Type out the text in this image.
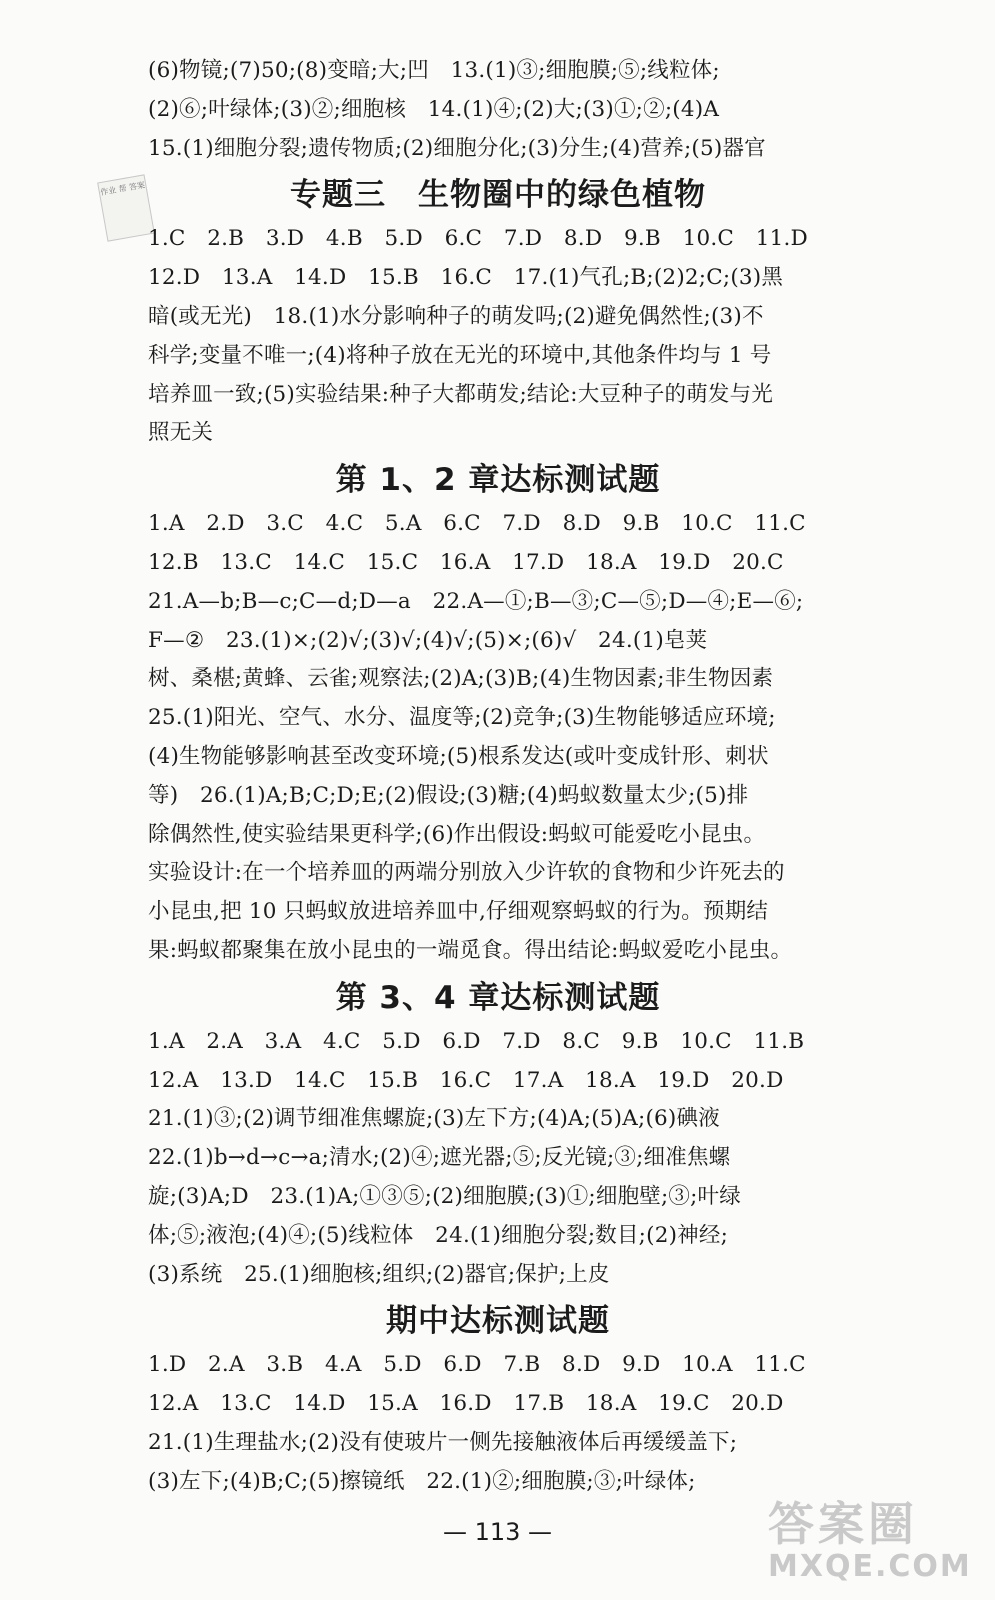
作业 帮 答案
(6)物镜;(7)50;(8)变暗;大;凹　13.(1)③;细胞膜;⑤;线粒体;
(2)⑥;叶绿体;(3)②;细胞核　14.(1)④;(2)大;(3)①;②;(4)A
15.(1)细胞分裂;遗传物质;(2)细胞分化;(3)分生;(4)营养;(5)器官
专题三　生物圈中的绿色植物
1.C　2.B　3.D　4.B　5.D　6.C　7.D　8.D　9.B　10.C　11.D
12.D　13.A　14.D　15.B　16.C　17.(1)气孔;B;(2)2;C;(3)黑
暗(或无光)　18.(1)水分影响种子的萌发吗;(2)避免偶然性;(3)不
科学;变量不唯一;(4)将种子放在无光的环境中,其他条件均与 1 号
培养皿一致;(5)实验结果:种子大都萌发;结论:大豆种子的萌发与光
照无关
第 1、2 章达标测试题
1.A　2.D　3.C　4.C　5.A　6.C　7.D　8.D　9.B　10.C　11.C
12.B　13.C　14.C　15.C　16.A　17.D　18.A　19.D　20.C
21.A—b;B—c;C—d;D—a　22.A—①;B—③;C—⑤;D—④;E—⑥;
F—②　23.(1)×;(2)√;(3)√;(4)√;(5)×;(6)√　24.(1)皂荚
树、桑椹;黄蜂、云雀;观察法;(2)A;(3)B;(4)生物因素;非生物因素
25.(1)阳光、空气、水分、温度等;(2)竞争;(3)生物能够适应环境;
(4)生物能够影响甚至改变环境;(5)根系发达(或叶变成针形、刺状
等)　26.(1)A;B;C;D;E;(2)假设;(3)糖;(4)蚂蚁数量太少;(5)排
除偶然性,使实验结果更科学;(6)作出假设:蚂蚁可能爱吃小昆虫。
实验设计:在一个培养皿的两端分别放入少许软的食物和少许死去的
小昆虫,把 10 只蚂蚁放进培养皿中,仔细观察蚂蚁的行为。预期结
果:蚂蚁都聚集在放小昆虫的一端觅食。得出结论:蚂蚁爱吃小昆虫。
第 3、4 章达标测试题
1.A　2.A　3.A　4.C　5.D　6.D　7.D　8.C　9.B　10.C　11.B
12.A　13.D　14.C　15.B　16.C　17.A　18.A　19.D　20.D
21.(1)③;(2)调节细准焦螺旋;(3)左下方;(4)A;(5)A;(6)碘液
22.(1)b→d→c→a;清水;(2)④;遮光器;⑤;反光镜;③;细准焦螺
旋;(3)A;D　23.(1)A;①③⑤;(2)细胞膜;(3)①;细胞壁;③;叶绿
体;⑤;液泡;(4)④;(5)线粒体　24.(1)细胞分裂;数目;(2)神经;
(3)系统　25.(1)细胞核;组织;(2)器官;保护;上皮
期中达标测试题
1.D　2.A　3.B　4.A　5.D　6.D　7.B　8.D　9.D　10.A　11.C
12.A　13.C　14.D　15.A　16.D　17.B　18.A　19.C　20.D
21.(1)生理盐水;(2)没有使玻片一侧先接触液体后再缓缓盖下;
(3)左下;(4)B;C;(5)擦镜纸　22.(1)②;细胞膜;③;叶绿体;
— 113 —	答案圈
MXQE.COM
